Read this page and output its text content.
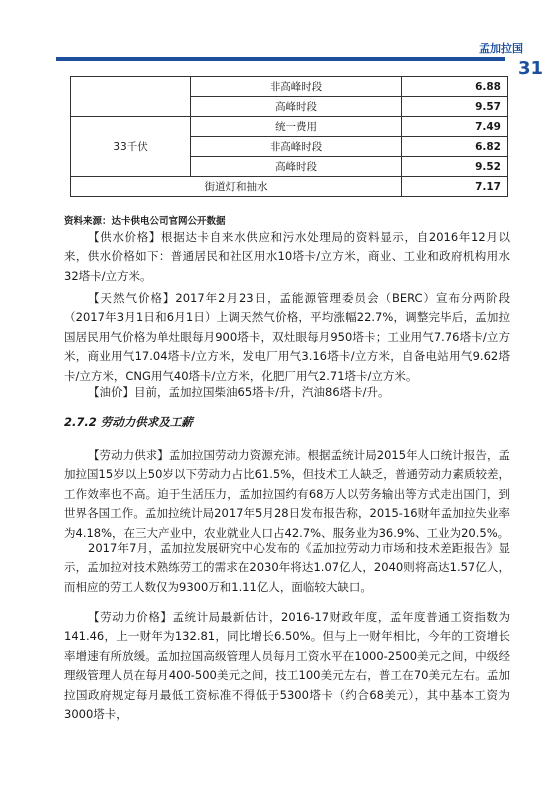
孟加拉国
31
	非高峰时段	6.88
	高峰时段	9.57
33千伏	统一费用	7.49
	非高峰时段	6.82
	高峰时段	9.52
街道灯和抽水		7.17
资料来源：达卡供电公司官网公开数据

【供水价格】根据达卡自来水供应和污水处理局的资料显示，自2016年12月以来，供水价格如下：普通居民和社区用水10塔卡/立方米，商业、工业和政府机构用水32塔卡/立方米。

【天然气价格】2017年2月23日，孟能源管理委员会（BERC）宣布分两阶段（2017年3月1日和6月1日）上调天然气价格，平均涨幅22.7%，调整完毕后，孟加拉国居民用气价格为单灶眼每月900塔卡，双灶眼每月950塔卡；工业用气7.76塔卡/立方米，商业用气17.04塔卡/立方米，发电厂用气3.16塔卡/立方米，自备电站用气9.62塔卡/立方米，CNG用气40塔卡/立方米，化肥厂用气2.71塔卡/立方米。

【油价】目前，孟加拉国柴油65塔卡/升，汽油86塔卡/升。

2.7.2 劳动力供求及工薪

【劳动力供求】孟加拉国劳动力资源充沛。根据孟统计局2015年人口统计报告，孟加拉国15岁以上50岁以下劳动力占比61.5%，但技术工人缺乏，普通劳动力素质较差，工作效率也不高。迫于生活压力，孟加拉国约有68万人以劳务输出等方式走出国门，到世界各国工作。孟加拉统计局2017年5月28日发布报告称，2015-16财年孟加拉失业率为4.18%，在三大产业中，农业就业人口占42.7%、服务业为36.9%、工业为20.5%。

2017年7月，孟加拉发展研究中心发布的《孟加拉劳动力市场和技术差距报告》显示，孟加拉对技术熟练劳工的需求在2030年将达1.07亿人，2040则将高达1.57亿人，而相应的劳工人数仅为9300万和1.11亿人，面临较大缺口。

【劳动力价格】孟统计局最新估计，2016-17财政年度，孟年度普通工资指数为141.46，上一财年为132.81，同比增长6.50%。但与上一财年相比，今年的工资增长率增速有所放缓。孟加拉国高级管理人员每月工资水平在1000-2500美元之间，中级经理级管理人员在每月400-500美元之间，技工100美元左右，普工在70美元左右。孟加拉国政府规定每月最低工资标准不得低于5300塔卡（约合68美元），其中基本工资为3000塔卡，
